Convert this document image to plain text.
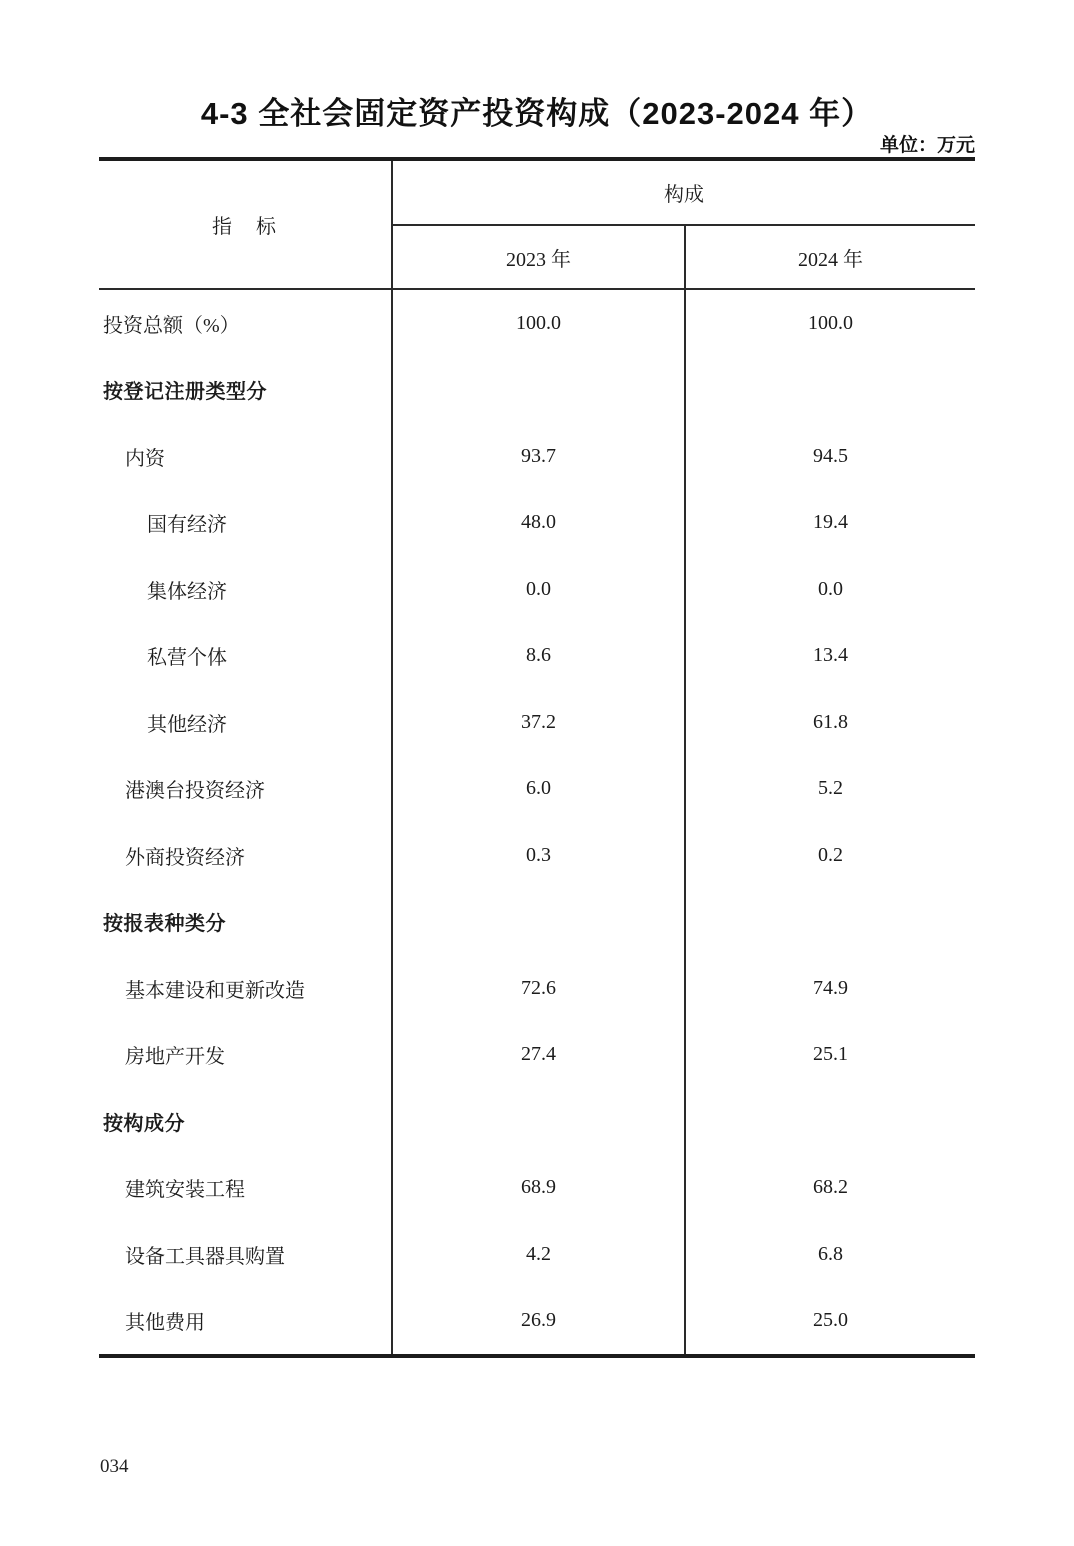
4-3 全社会固定资产投资构成（2023-2024 年）
单位：万元
指　标	构成	
	2023 年	2024 年
投资总额（%）	100.0	100.0
按登记注册类型分		
内资	93.7	94.5
国有经济	48.0	19.4
集体经济	0.0	0.0
私营个体	8.6	13.4
其他经济	37.2	61.8
港澳台投资经济	6.0	5.2
外商投资经济	0.3	0.2
按报表种类分		
基本建设和更新改造	72.6	74.9
房地产开发	27.4	25.1
按构成分		
建筑安装工程	68.9	68.2
设备工具器具购置	4.2	6.8
其他费用	26.9	25.0
034
